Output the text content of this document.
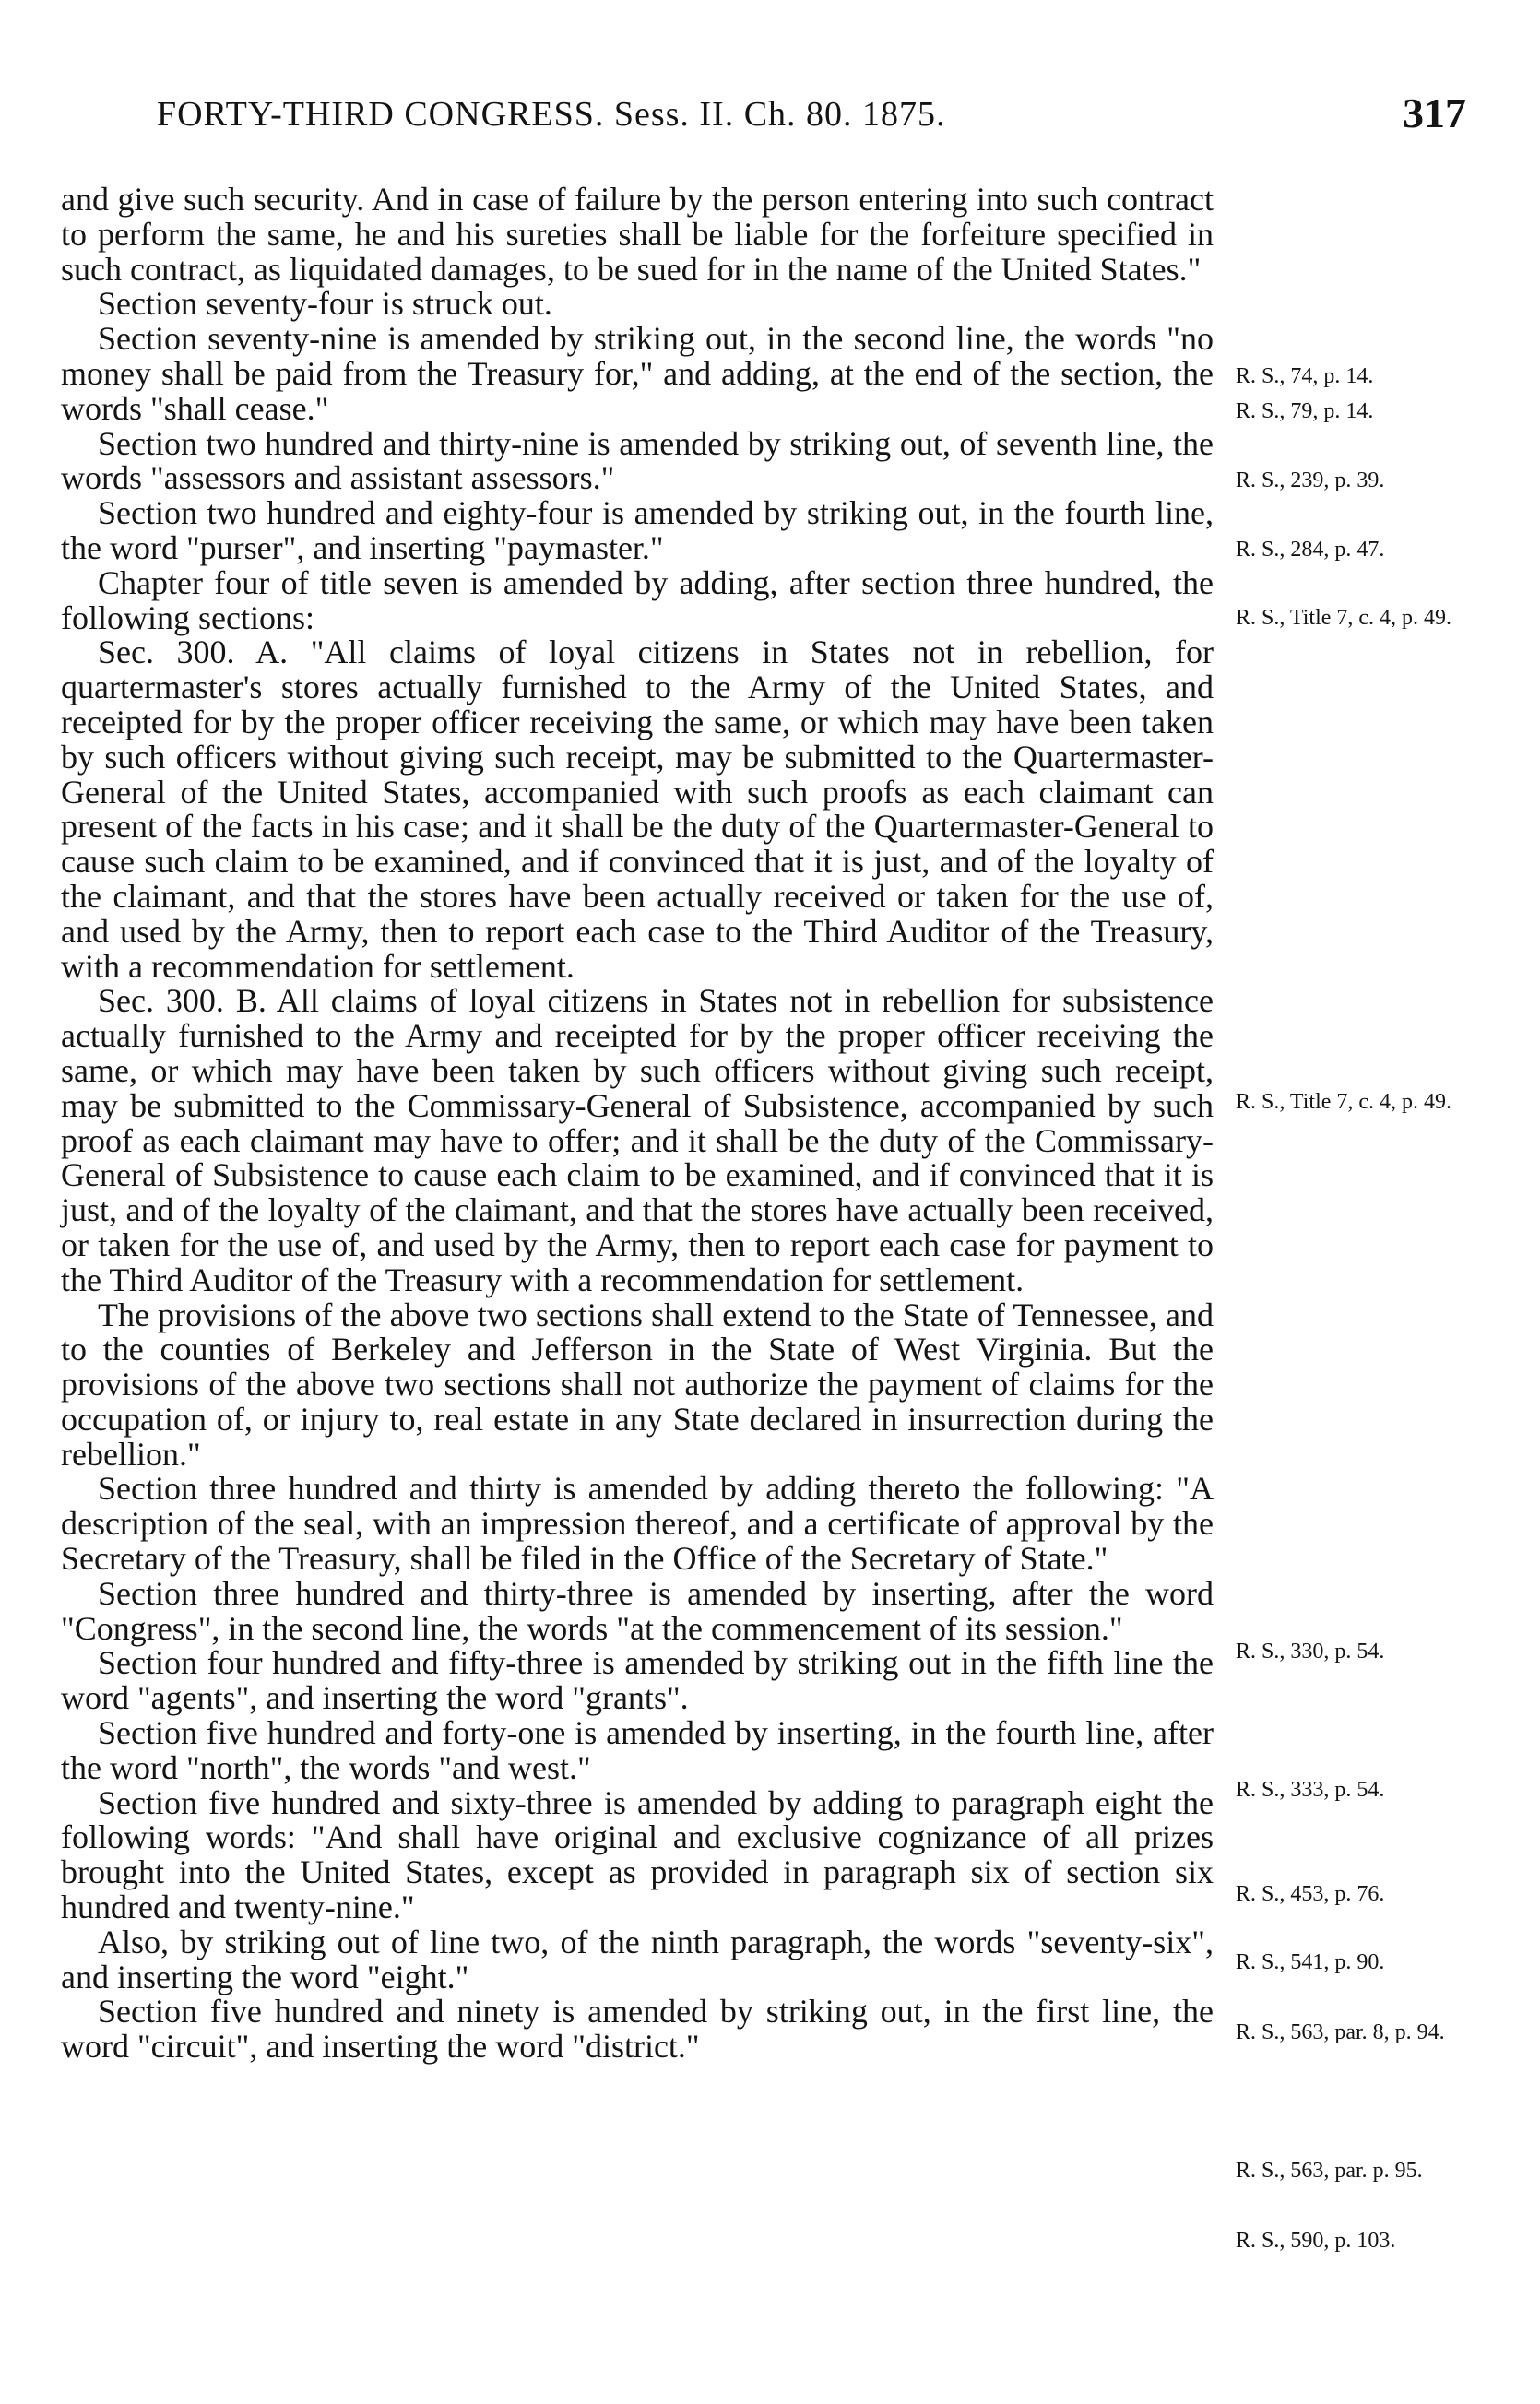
FORTY-THIRD CONGRESS. Sess. II. Ch. 80. 1875.	317

and give such security. And in case of failure by the person entering into such contract to perform the same, he and his sureties shall be liable for the forfeiture specified in such contract, as liquidated damages, to be sued for in the name of the United States."

Section seventy-four is struck out.

Section seventy-nine is amended by striking out, in the second line, the words "no money shall be paid from the Treasury for," and adding, at the end of the section, the words "shall cease."

Section two hundred and thirty-nine is amended by striking out, of seventh line, the words "assessors and assistant assessors."

Section two hundred and eighty-four is amended by striking out, in the fourth line, the word "purser", and inserting "paymaster."

Chapter four of title seven is amended by adding, after section three hundred, the following sections:

Sec. 300. A. "All claims of loyal citizens in States not in rebellion, for quartermaster's stores actually furnished to the Army of the United States, and receipted for by the proper officer receiving the same, or which may have been taken by such officers without giving such receipt, may be submitted to the Quartermaster-General of the United States, accompanied with such proofs as each claimant can present of the facts in his case; and it shall be the duty of the Quartermaster-General to cause such claim to be examined, and if convinced that it is just, and of the loyalty of the claimant, and that the stores have been actually received or taken for the use of, and used by the Army, then to report each case to the Third Auditor of the Treasury, with a recommendation for settlement.

Sec. 300. B. All claims of loyal citizens in States not in rebellion for subsistence actually furnished to the Army and receipted for by the proper officer receiving the same, or which may have been taken by such officers without giving such receipt, may be submitted to the Commissary-General of Subsistence, accompanied by such proof as each claimant may have to offer; and it shall be the duty of the Commissary-General of Subsistence to cause each claim to be examined, and if convinced that it is just, and of the loyalty of the claimant, and that the stores have actually been received, or taken for the use of, and used by the Army, then to report each case for payment to the Third Auditor of the Treasury with a recommendation for settlement.

The provisions of the above two sections shall extend to the State of Tennessee, and to the counties of Berkeley and Jefferson in the State of West Virginia. But the provisions of the above two sections shall not authorize the payment of claims for the occupation of, or injury to, real estate in any State declared in insurrection during the rebellion."

Section three hundred and thirty is amended by adding thereto the following: "A description of the seal, with an impression thereof, and a certificate of approval by the Secretary of the Treasury, shall be filed in the Office of the Secretary of State."

Section three hundred and thirty-three is amended by inserting, after the word "Congress", in the second line, the words "at the commencement of its session."

Section four hundred and fifty-three is amended by striking out in the fifth line the word "agents", and inserting the word "grants".

Section five hundred and forty-one is amended by inserting, in the fourth line, after the word "north", the words "and west."

Section five hundred and sixty-three is amended by adding to paragraph eight the following words: "And shall have original and exclusive cognizance of all prizes brought into the United States, except as provided in paragraph six of section six hundred and twenty-nine."

Also, by striking out of line two, of the ninth paragraph, the words "seventy-six", and inserting the word "eight."

Section five hundred and ninety is amended by striking out, in the first line, the word "circuit", and inserting the word "district."

R. S., 74, p. 14.
R. S., 79, p. 14.
R. S., 239, p. 39.
R. S., 284, p. 47.
R. S., Title 7, c. 4, p. 49.
R. S., Title 7, c. 4, p. 49.
R. S., 330, p. 54.
R. S., 333, p. 54.
R. S., 453, p. 76.
R. S., 541, p. 90.
R. S., 563, par. 8, p. 94.
R. S., 563, par. p. 95.
R. S., 590, p. 103.
